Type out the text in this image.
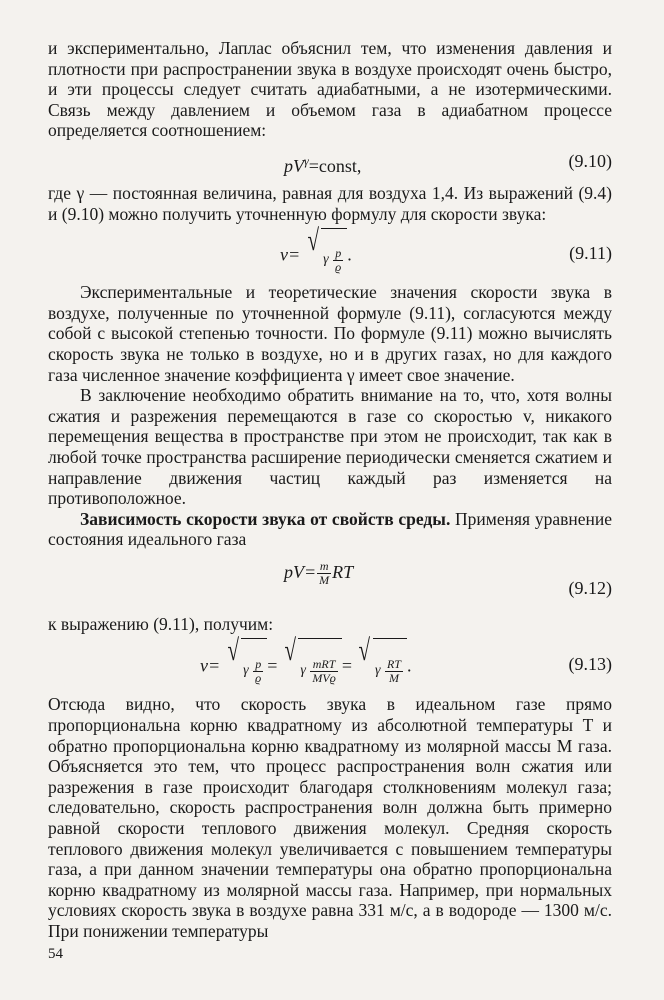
и экспериментально, Лаплас объяснил тем, что изменения давления и плотности при распространении звука в воздухе происходят очень быстро, и эти процессы следует считать адиабатными, а не изотермическими. Связь между давлением и объемом газа в адиабатном процессе определяется соотношением:

$pV^\gamma=const$,	(9.10)

где γ — постоянная величина, равная для воздуха 1,4. Из выражений (9.4) и (9.10) можно получить уточненную формулу для скорости звука:

v= √
γ
$\frac{p}{ϱ}$ .	(9.11)

Экспериментальные и теоретические значения скорости звука в воздухе, полученные по уточненной формуле (9.11), согласуются между собой с высокой степенью точности. По формуле (9.11) можно вычислять скорость звука не только в воздухе, но и в других газах, но для каждого газа численное значение коэффициента γ имеет свое значение.

В заключение необходимо обратить внимание на то, что, хотя волны сжатия и разрежения перемещаются в газе со скоростью v, никакого перемещения вещества в пространстве при этом не происходит, так как в любой точке пространства расширение периодически сменяется сжатием и направление движения частиц каждый раз изменяется на противоположное.

Зависимость скорости звука от свойств среды. Применяя уравнение состояния идеального газа

$pV= \frac{m}{M}$ RT
(9.12)

к выражению (9.11), получим:

v= √
γ
$\frac{p}{ϱ}$ = √
γ
$\frac{\text{mRT}}{\text{MVϱ}}$ = √
γ
$\frac{RT}{M}$ .	(9.13)

Отсюда видно, что скорость звука в идеальном газе прямо пропорциональна корню квадратному из абсолютной температуры T и обратно пропорциональна корню квадратному из молярной массы M газа. Объясняется это тем, что процесс распространения волн сжатия или разрежения в газе происходит благодаря столкновениям молекул газа; следовательно, скорость распространения волн должна быть примерно равной скорости теплового движения молекул. Средняя скорость теплового движения молекул увеличивается с повышением температуры газа, а при данном значении температуры она обратно пропорциональна корню квадратному из молярной массы газа. Например, при нормальных условиях скорость звука в воздухе равна 331 м/с, а в водороде — 1300 м/с. При понижении температуры

54
